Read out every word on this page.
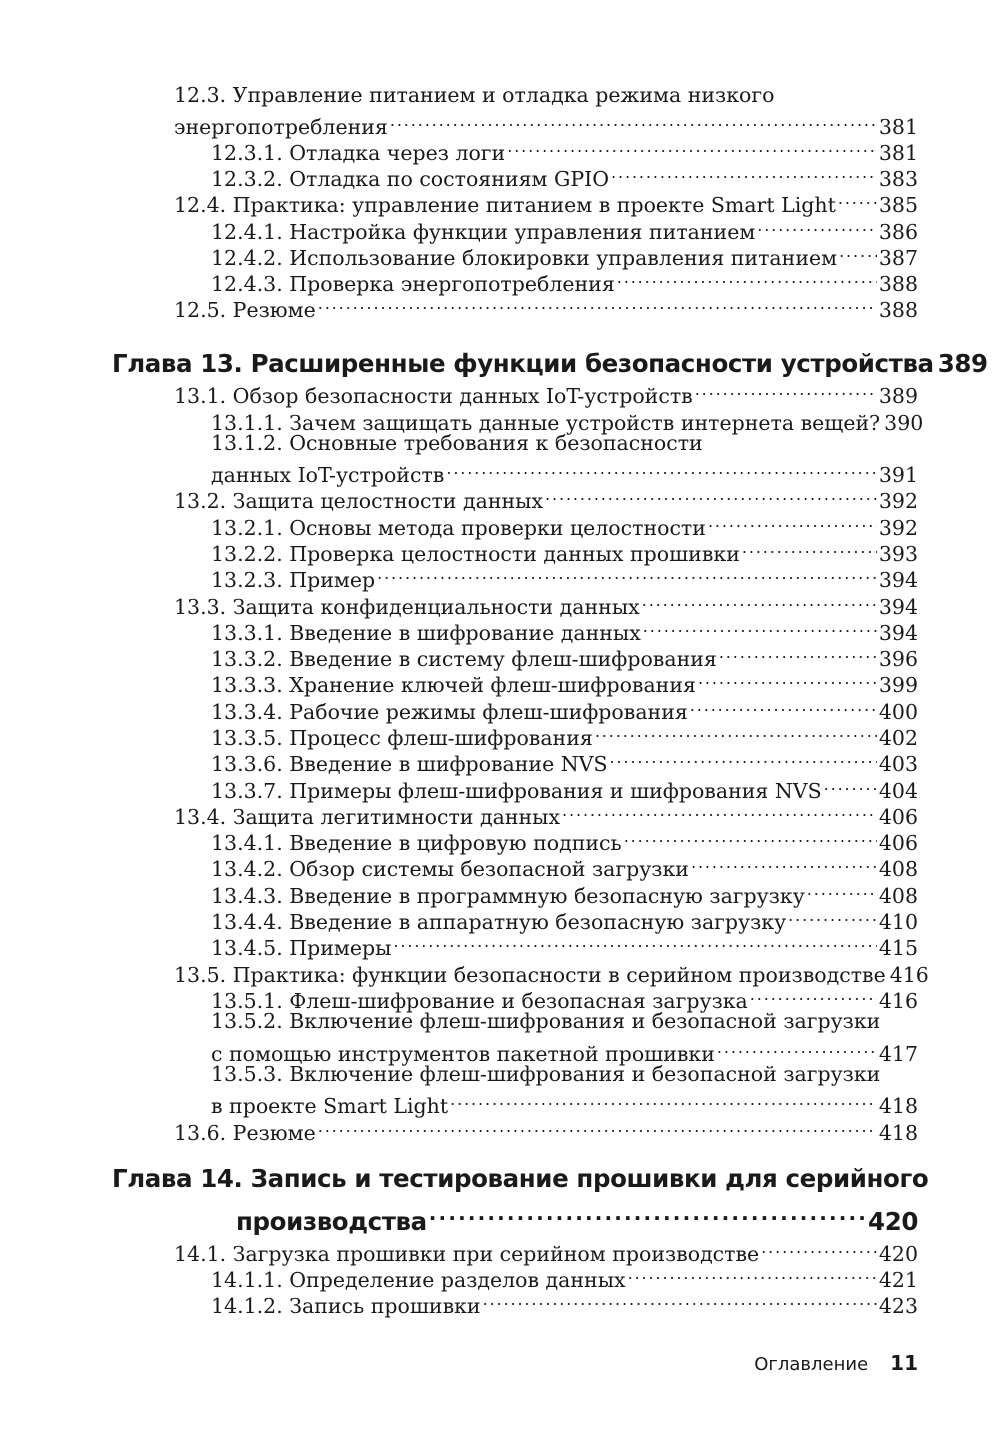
12.3. Управление питанием и отладка режима низкого
энергопотребления . . .	381
12.3.1. Отладка через логи . . .	381
12.3.2. Отладка по состояниям GPIO . . .	383
12.4. Практика: управление питанием в проекте Smart Light . . . 385
12.4.1. Настройка функции управления питанием . . .	386
12.4.2. Использование блокировки управления питанием . . . 387
12.4.3. Проверка энергопотребления . . .	388
12.5. Резюме . . .	388
Глава 13. Расширенные функции безопасности устройства 389
13.1. Обзор безопасности данных IoT-устройств . . .	389
13.1.1. Зачем защищать данные устройств интернета вещей? 390
13.1.2. Основные требования к безопасности
данных IoT-устройств . . .	391
13.2. Защита целостности данных . . .	392
13.2.1. Основы метода проверки целостности . . .	392
13.2.2. Проверка целостности данных прошивки . . .	393
13.2.3. Пример . . .	394
13.3. Защита конфиденциальности данных . . .	394
13.3.1. Введение в шифрование данных . . .	394
13.3.2. Введение в систему флеш-шифрования . . .	396
13.3.3. Хранение ключей флеш-шифрования . . .	399
13.3.4. Рабочие режимы флеш-шифрования . . .	400
13.3.5. Процесс флеш-шифрования . . .	402
13.3.6. Введение в шифрование NVS . . .	403
13.3.7. Примеры флеш-шифрования и шифрования NVS . . .	404
13.4. Защита легитимности данных . . .	406
13.4.1. Введение в цифровую подпись . . .	406
13.4.2. Обзор системы безопасной загрузки . . .	408
13.4.3. Введение в программную безопасную загрузку . . .	408
13.4.4. Введение в аппаратную безопасную загрузку . . .	410
13.4.5. Примеры . . .	415
13.5. Практика: функции безопасности в серийном производстве 416
13.5.1. Флеш-шифрование и безопасная загрузка . . .	416
13.5.2. Включение флеш-шифрования и безопасной загрузки
с помощью инструментов пакетной прошивки . . .	417
13.5.3. Включение флеш-шифрования и безопасной загрузки
в проекте Smart Light . . .	418
13.6. Резюме . . .	418
Глава 14. Запись и тестирование прошивки для серийного
производства . . .	420
14.1. Загрузка прошивки при серийном производстве . . .	420
14.1.1. Определение разделов данных . . .	421
14.1.2. Запись прошивки . . .	423
Оглавление 11
